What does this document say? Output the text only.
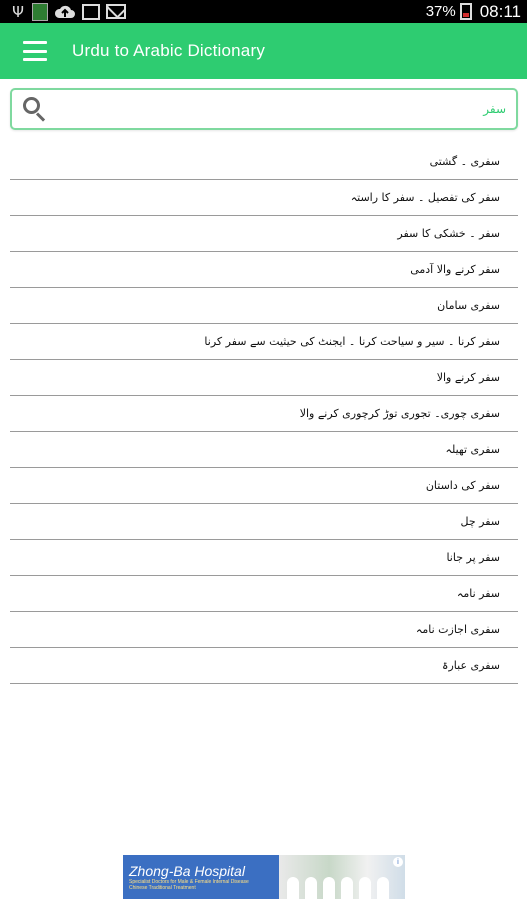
Ψ	37% 08:11
Urdu to Arabic Dictionary
سفر
سفری ۔ گشتی
سفر کی تفصیل ۔ سفر کا راستہ
سفر ۔ خشکی کا سفر
سفر کرنے والا آدمی
سفری سامان
سفر کرنا ۔ سیر و سیاحت کرنا ۔ ایجنٹ کی حیثیت سے سفر کرنا
سفر کرنے والا
سفری چوری۔ تجوری توڑ کرچوری کرنے والا
سفری تھیلہ
سفر کی داستان
سفر چل
سفر پر جانا
سفر نامہ
سفری اجازت نامہ
سفری عبارۃ
Zhong-Ba Hospital
Specialist Doctors for Male & Female Internal Disease
Chinese Traditional Treatment
i
